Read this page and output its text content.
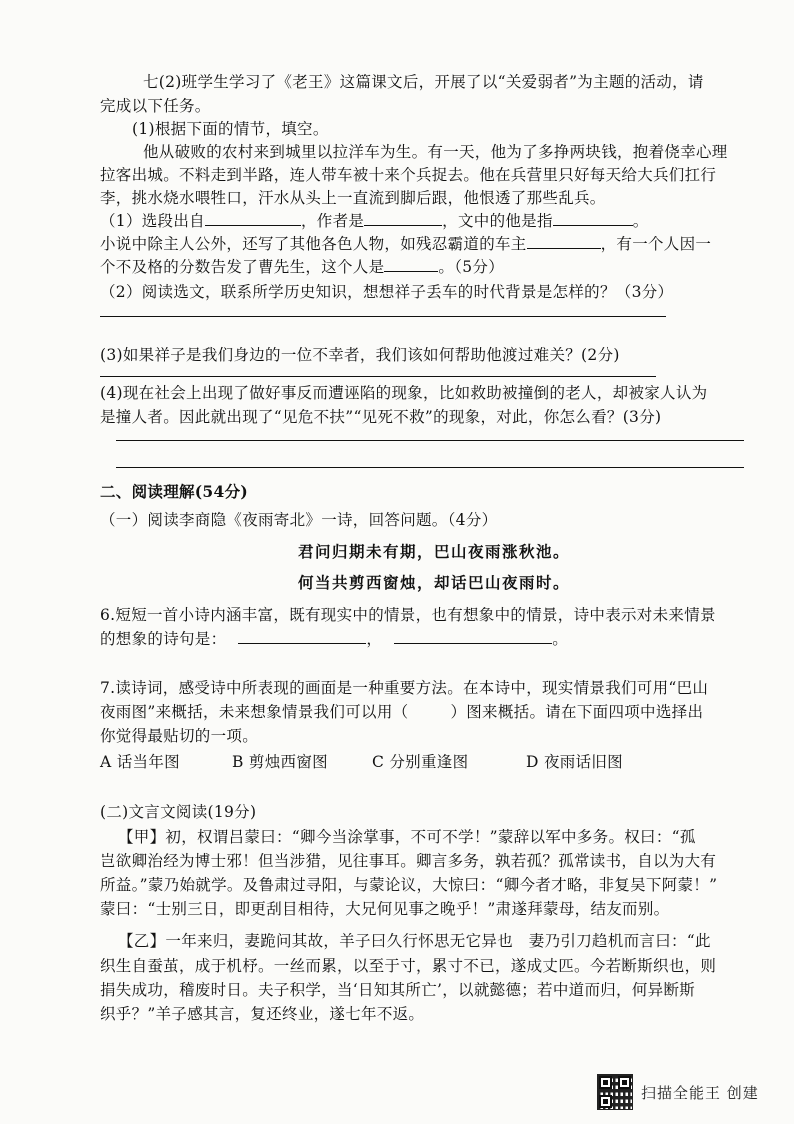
七(2)班学生学习了《老王》这篇课文后，开展了以“关爱弱者”为主题的活动，请
完成以下任务。
(1)根据下面的情节，填空。
他从破败的农村来到城里以拉洋车为生。有一天，他为了多挣两块钱，抱着侥幸心理
拉客出城。不料走到半路，连人带车被十来个兵捉去。他在兵营里只好每天给大兵们扛行
李，挑水烧水喂牲口，汗水从头上一直流到脚后跟，他恨透了那些乱兵。
（1）选段出自	，作者是	，文中的他是指	。
小说中除主人公外，还写了其他各色人物，如残忍霸道的车主	，有一个人因一
个不及格的分数告发了曹先生，这个人是	。（5分）
（2）阅读选文，联系所学历史知识，想想祥子丢车的时代背景是怎样的？（3分）
(3)如果祥子是我们身边的一位不幸者，我们该如何帮助他渡过难关？(2分)
(4)现在社会上出现了做好事反而遭诬陷的现象，比如救助被撞倒的老人，却被家人认为
是撞人者。因此就出现了“见危不扶”“见死不救”的现象，对此，你怎么看？(3分)
二、阅读理解(54分)
（一）阅读李商隐《夜雨寄北》一诗，回答问题。（4分）
君问归期未有期，巴山夜雨涨秋池。
何当共剪西窗烛，却话巴山夜雨时。
6.短短一首小诗内涵丰富，既有现实中的情景，也有想象中的情景，诗中表示对未来情景
的想象的诗句是：	，	。
7.读诗词，感受诗中所表现的画面是一种重要方法。在本诗中，现实情景我们可用“巴山
夜雨图”来概括，未来想象情景我们可以用（	）图来概括。请在下面四项中选择出
你觉得最贴切的一项。
A 话当年图	B 剪烛西窗图	C 分别重逢图	D 夜雨话旧图
(二)文言文阅读(19分)
【甲】初，权谓吕蒙曰：“卿今当涂掌事，不可不学！”蒙辞以军中多务。权曰：“孤
岂欲卿治经为博士邪！但当涉猎，见往事耳。卿言多务，孰若孤？孤常读书，自以为大有
所益。”蒙乃始就学。及鲁肃过寻阳，与蒙论议，大惊曰：“卿今者才略，非复吴下阿蒙！”
蒙曰：“士别三日，即更刮目相待，大兄何见事之晚乎！”肃遂拜蒙母，结友而别。
【乙】一年来归，妻跪问其故，羊子曰久行怀思无它异也　妻乃引刀趋机而言曰：“此
织生自蚕茧，成于机杼。一丝而累，以至于寸，累寸不已，遂成丈匹。今若断斯织也，则
捐失成功，稽废时日。夫子积学，当‘日知其所亡’，以就懿德；若中道而归，何异断斯
织乎？”羊子感其言，复还终业，遂七年不返。
扫描全能王 创建
